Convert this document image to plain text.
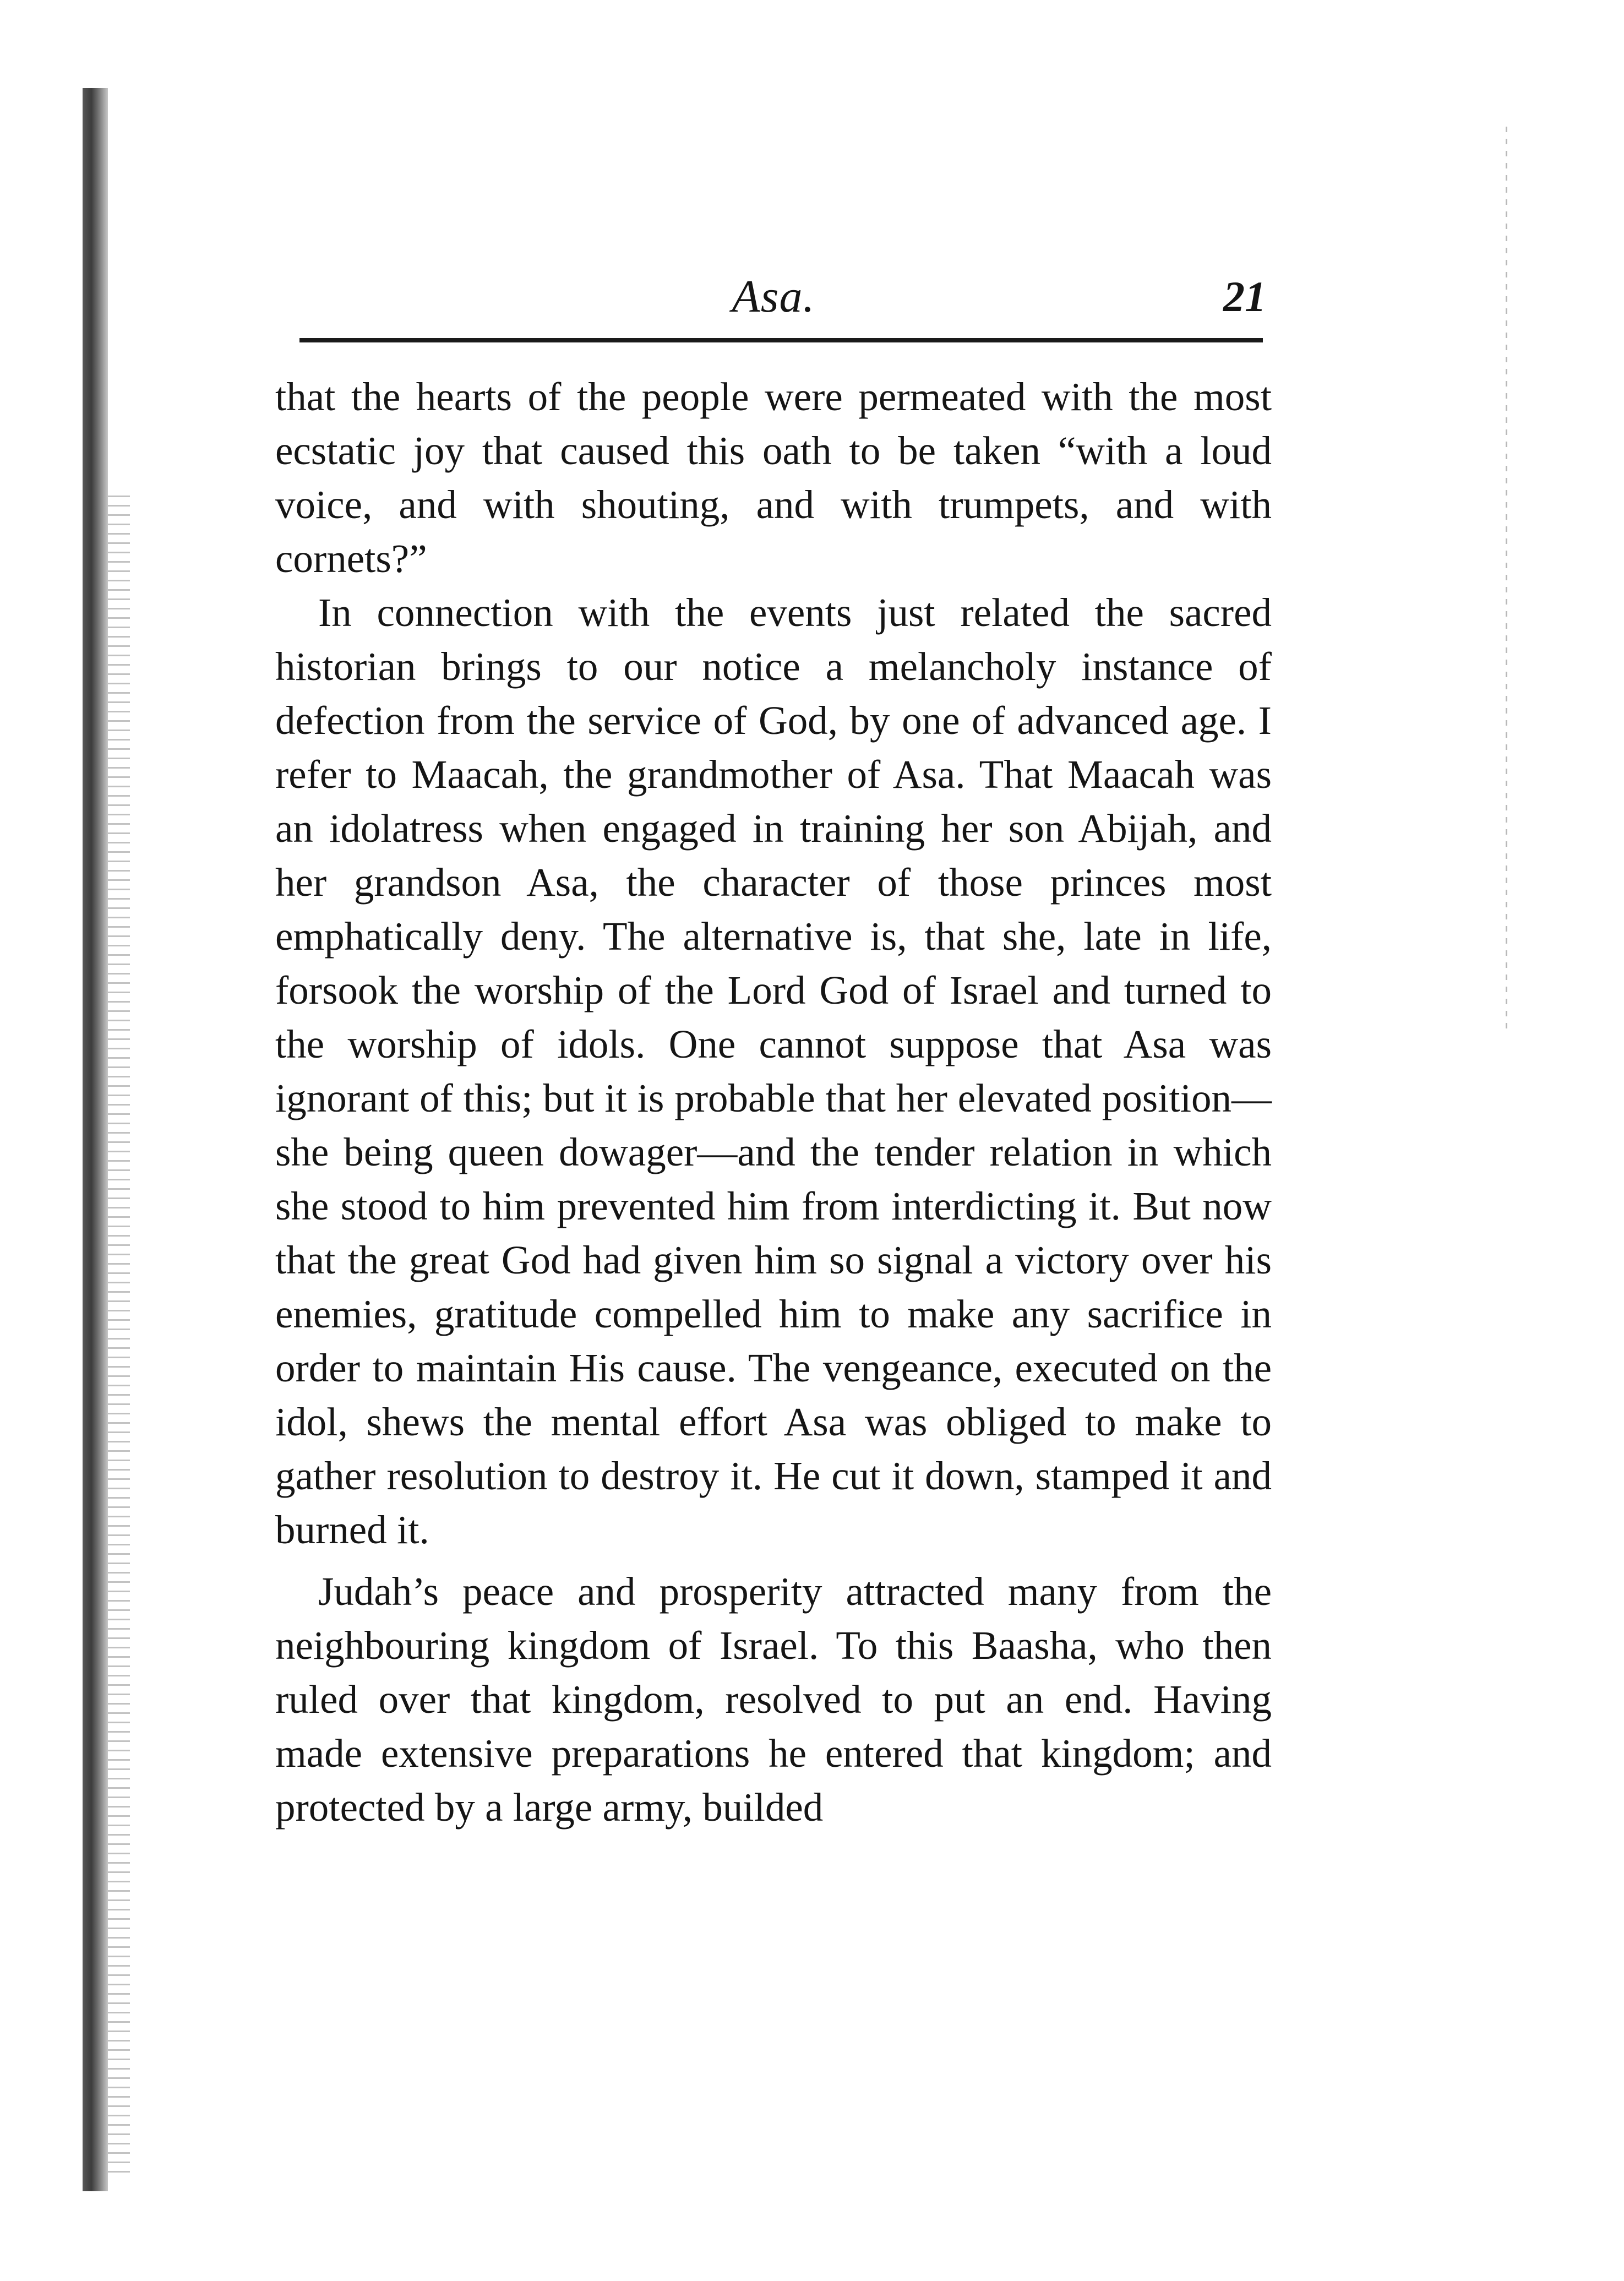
Asa.	21

that the hearts of the people were permeated with the most ecstatic joy that caused this oath to be taken “with a loud voice, and with shouting, and with trumpets, and with cornets?”

In connection with the events just related the sacred historian brings to our notice a melancholy instance of defection from the service of God, by one of advanced age. I refer to Maacah, the grandmother of Asa. That Maacah was an idolatress when engaged in training her son Abijah, and her grandson Asa, the character of those princes most emphatically deny. The alternative is, that she, late in life, forsook the worship of the Lord God of Israel and turned to the worship of idols. One cannot suppose that Asa was ignorant of this; but it is probable that her elevated position—she being queen dowager—and the tender relation in which she stood to him prevented him from interdicting it. But now that the great God had given him so signal a victory over his enemies, gratitude compelled him to make any sacrifice in order to maintain His cause. The vengeance, executed on the idol, shews the mental effort Asa was obliged to make to gather resolution to destroy it. He cut it down, stamped it and burned it.

Judah’s peace and prosperity attracted many from the neighbouring kingdom of Israel. To this Baasha, who then ruled over that kingdom, resolved to put an end. Having made extensive preparations he entered that kingdom; and protected by a large army, builded
